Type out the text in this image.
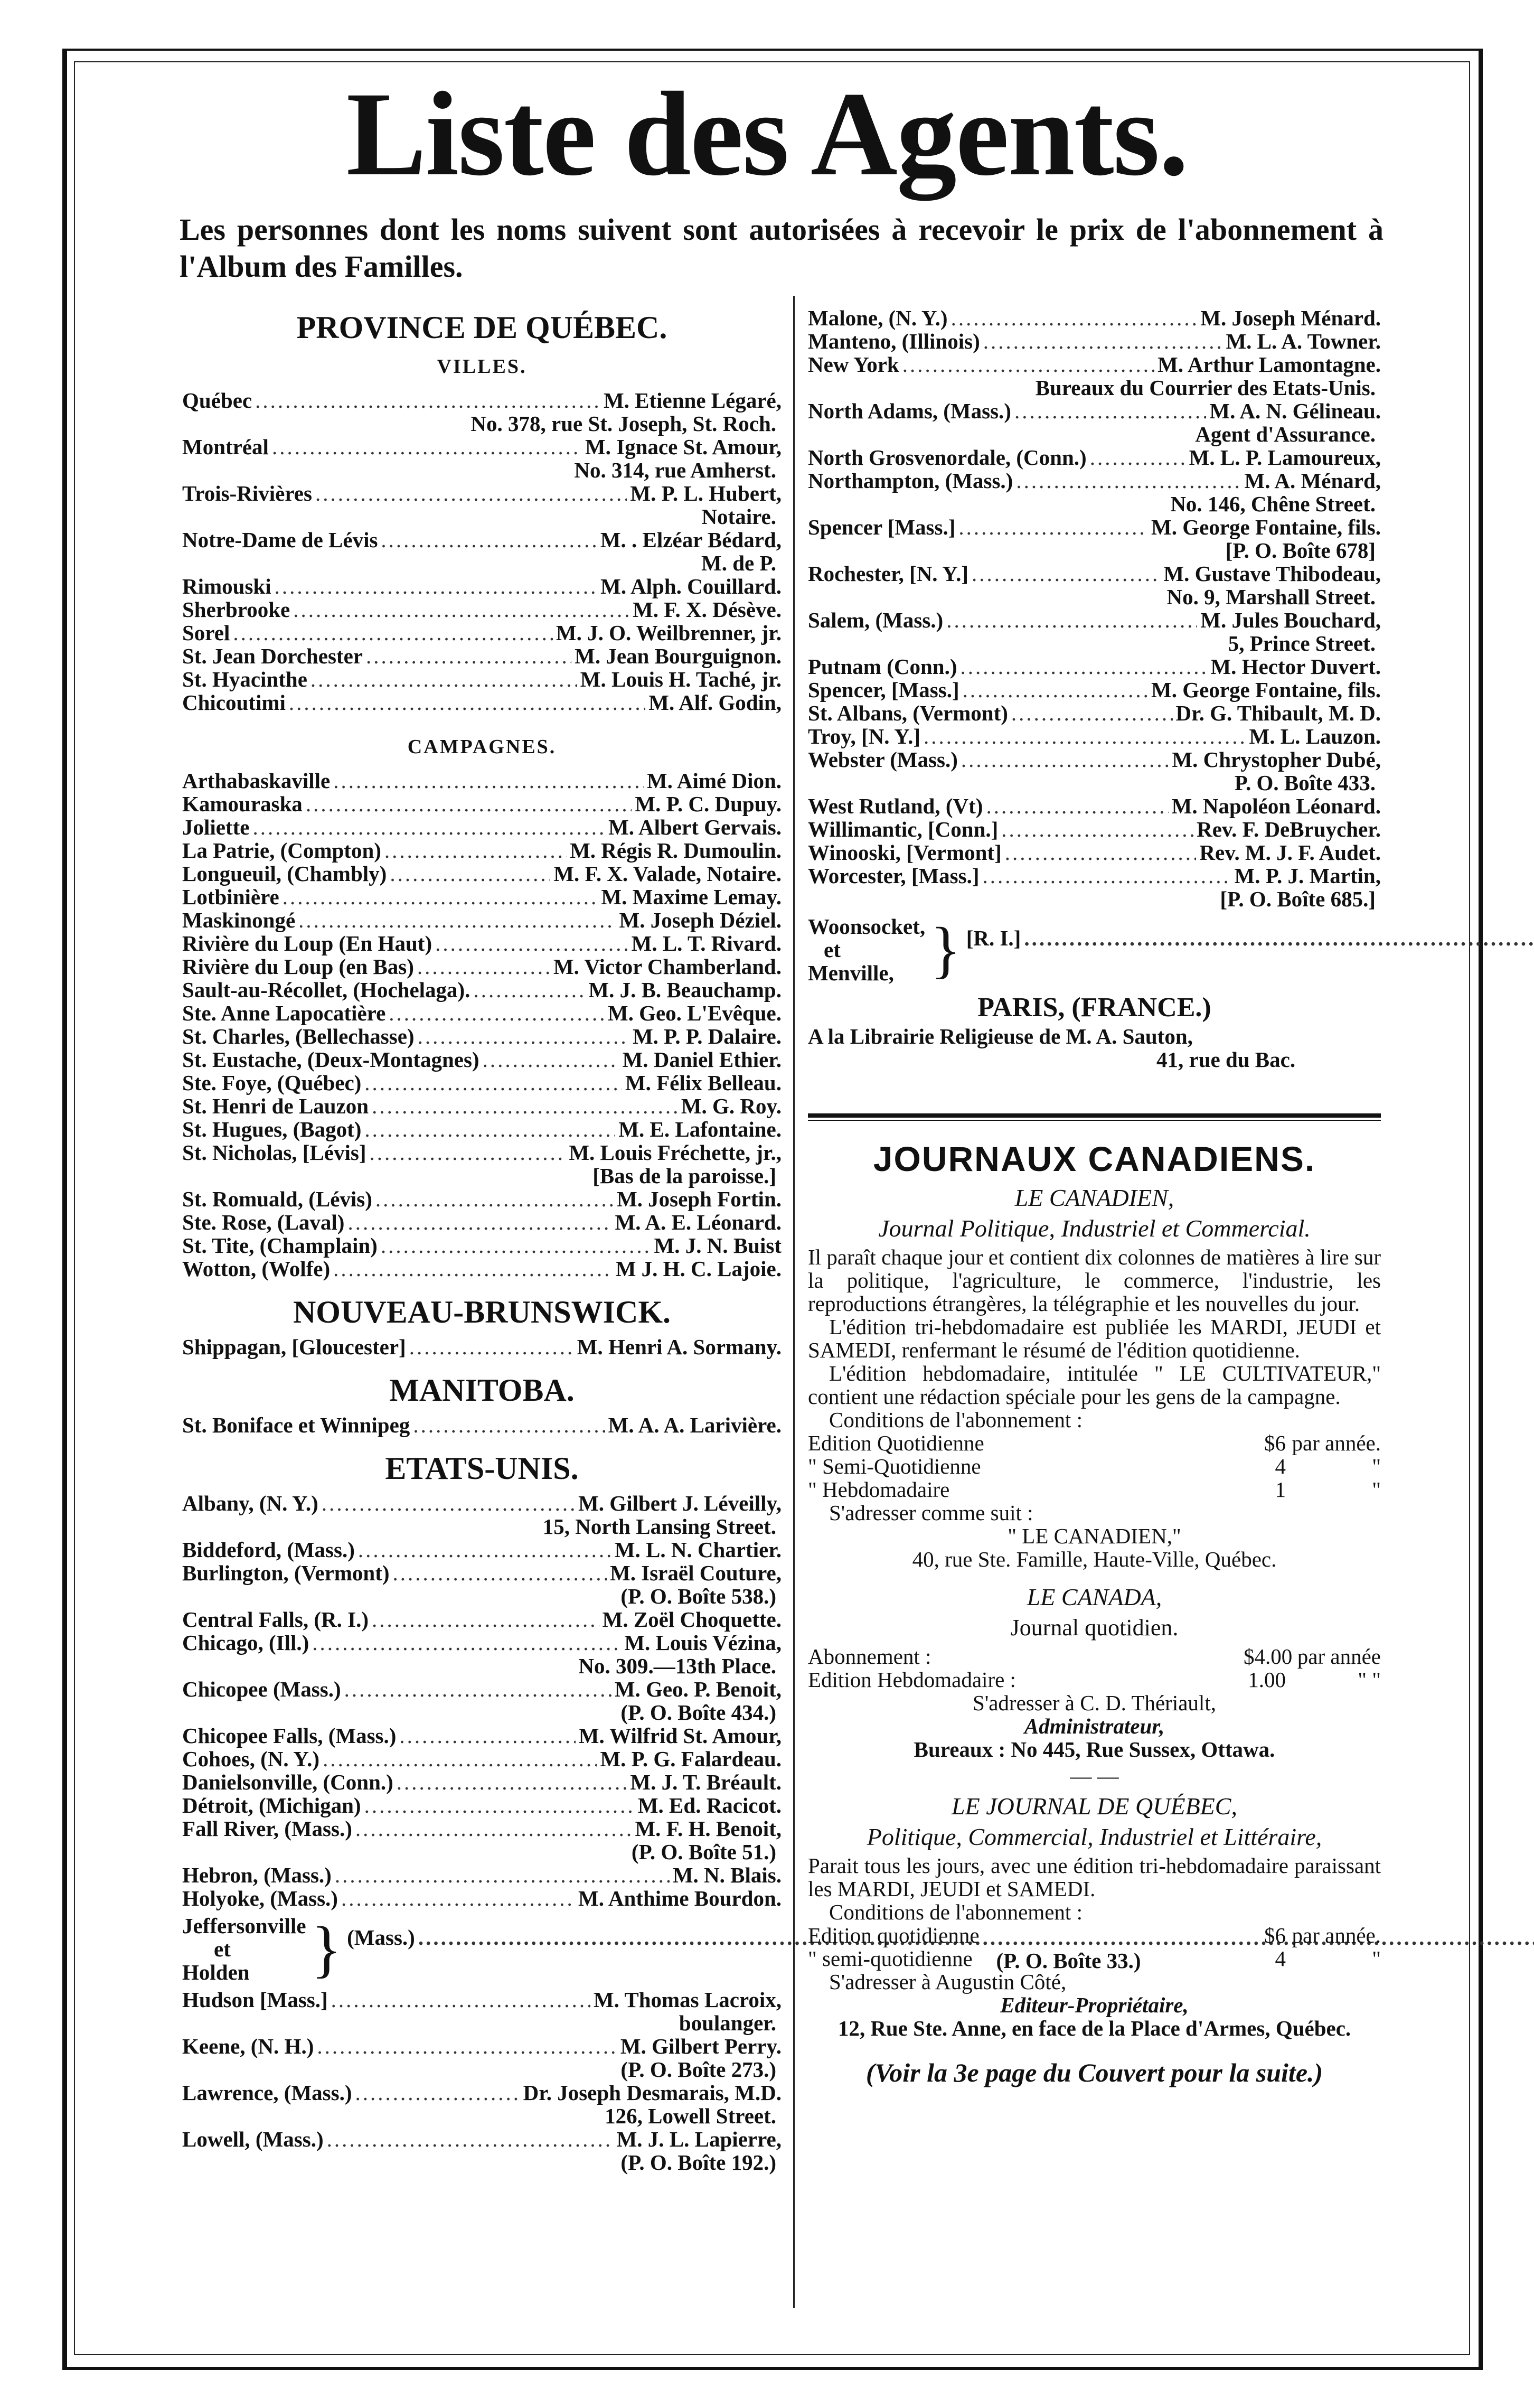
Liste des Agents.

Les personnes dont les noms suivent sont autorisées à recevoir le prix de l'abonnement à l'Album des Familles.

PROVINCE DE QUÉBEC.

VILLES.

Québec .....	M. Etienne Légaré,
No. 378, rue St. Joseph, St. Roch.
Montréal .....	M. Ignace St. Amour,
No. 314, rue Amherst.
Trois-Rivières .....	M. P. L. Hubert,
Notaire.
Notre-Dame de Lévis .....	M. . Elzéar Bédard,
M. de P.
Rimouski .....	M. Alph. Couillard.
Sherbrooke .....	M. F. X. Désève.
Sorel .....	M. J. O. Weilbrenner, jr.
St. Jean Dorchester .....	M. Jean Bourguignon.
St. Hyacinthe .....	M. Louis H. Taché, jr.
Chicoutimi .....	M. Alf. Godin,

CAMPAGNES.

Arthabaskaville .....	M. Aimé Dion.
Kamouraska .....	M. P. C. Dupuy.
Joliette .....	M. Albert Gervais.
La Patrie, (Compton) .....	M. Régis R. Dumoulin.
Longueuil, (Chambly) .....	M. F. X. Valade, Notaire.
Lotbinière .....	M. Maxime Lemay.
Maskinongé .....	M. Joseph Déziel.
Rivière du Loup (En Haut) .....	M. L. T. Rivard.
Rivière du Loup (en Bas) .....	M. Victor Chamberland.
Sault-au-Récollet, (Hochelaga). .....	M. J. B. Beauchamp.
Ste. Anne Lapocatière .....	M. Geo. L'Evêque.
St. Charles, (Bellechasse) .....	M. P. P. Dalaire.
St. Eustache, (Deux-Montagnes) .....	M. Daniel Ethier.
Ste. Foye, (Québec) .....	M. Félix Belleau.
St. Henri de Lauzon .....	M. G. Roy.
St. Hugues, (Bagot) .....	M. E. Lafontaine.
St. Nicholas, [Lévis] .....	M. Louis Fréchette, jr.,
[Bas de la paroisse.]
St. Romuald, (Lévis) .....	M. Joseph Fortin.
Ste. Rose, (Laval) .....	M. A. E. Léonard.
St. Tite, (Champlain) .....	M. J. N. Buist
Wotton, (Wolfe) .....	M J. H. C. Lajoie.

NOUVEAU-BRUNSWICK.

Shippagan, [Gloucester] .....	M. Henri A. Sormany.

MANITOBA.

St. Boniface et Winnipeg .....	M. A. A. Larivière.

ETATS-UNIS.

Albany, (N. Y.) .....	M. Gilbert J. Léveilly,
15, North Lansing Street.
Biddeford, (Mass.) .....	M. L. N. Chartier.
Burlington, (Vermont) .....	M. Israël Couture,
(P. O. Boîte 538.)
Central Falls, (R. I.) .....	M. Zoël Choquette.
Chicago, (Ill.) .....	M. Louis Vézina,
No. 309.—13th Place.
Chicopee (Mass.) .....	M. Geo. P. Benoit,
(P. O. Boîte 434.)
Chicopee Falls, (Mass.) .....	M. Wilfrid St. Amour,
Cohoes, (N. Y.) .....	M. P. G. Falardeau.
Danielsonville, (Conn.) .....	M. J. T. Bréault.
Détroit, (Michigan) .....	M. Ed. Racicot.
Fall River, (Mass.) .....	M. F. H. Benoit,
(P. O. Boîte 51.)
Hebron, (Mass.) .....	M. N. Blais.
Holyoke, (Mass.) .....	M. Anthime Bourdon.
Jeffersonville
et
Holden } (Mass.)
.....
(P. O. Boîte 33.)
Hudson [Mass.] .....	M. Thomas Lacroix,
boulanger.
Keene, (N. H.) .....	M. Gilbert Perry.
(P. O. Boîte 273.)
Lawrence, (Mass.) .....	Dr. Joseph Desmarais, M.D.
126, Lowell Street.
Lowell, (Mass.) .....	M. J. L. Lapierre,
(P. O. Boîte 192.)
Malone, (N. Y.) .....	M. Joseph Ménard.
Manteno, (Illinois) .....	M. L. A. Towner.
New York .....	M. Arthur Lamontagne.
Bureaux du Courrier des Etats-Unis.
North Adams, (Mass.) .....	M. A. N. Gélineau.
Agent d'Assurance.
North Grosvenordale, (Conn.) .....	M. L. P. Lamoureux,
Northampton, (Mass.) .....	M. A. Ménard,
No. 146, Chêne Street.
Spencer [Mass.] .....	M. George Fontaine, fils.
[P. O. Boîte 678]
Rochester, [N. Y.] .....	M. Gustave Thibodeau,
No. 9, Marshall Street.
Salem, (Mass.) .....	M. Jules Bouchard,
5, Prince Street.
Putnam (Conn.) .....	M. Hector Duvert.
Spencer, [Mass.] .....	M. George Fontaine, fils.
St. Albans, (Vermont) .....	Dr. G. Thibault, M. D.
Troy, [N. Y.] .....	M. L. Lauzon.
Webster (Mass.) .....	M. Chrystopher Dubé,
P. O. Boîte 433.
West Rutland, (Vt) .....	M. Napoléon Léonard.
Willimantic, [Conn.] .....	Rev. F. DeBruycher.
Winooski, [Vermont] .....	Rev. M. J. F. Audet.
Worcester, [Mass.] .....	M. P. J. Martin,
[P. O. Boîte 685.]
Woonsocket,
et
Menville, } [R. I.]
.....

PARIS, (FRANCE.)

A la Librairie Religieuse de M. A. Sauton,

41, rue du Bac.

JOURNAUX CANADIENS.

LE CANADIEN,

Journal Politique, Industriel et Commercial.

Il paraît chaque jour et contient dix colonnes de matières à lire sur la politique, l'agriculture, le commerce, l'industrie, les reproductions étrangères, la télégraphie et les nouvelles du jour.

L'édition tri-hebdomadaire est publiée les MARDI, JEUDI et SAMEDI, renfermant le résumé de l'édition quotidienne.

L'édition hebdomadaire, intitulée " LE CULTIVATEUR," contient une rédaction spéciale pour les gens de la campagne.

Conditions de l'abonnement :

Edition Quotidienne	$6 par année.
" Semi-Quotidienne	4	"
" Hebdomadaire	1	"

S'adresser comme suit :

" LE CANADIEN,"

40, rue Ste. Famille, Haute-Ville, Québec.

LE CANADA,

Journal quotidien.

Abonnement :	$4.00 par année
Edition Hebdomadaire :	1.00	" "

S'adresser à C. D. Thériault,

Administrateur,

Bureaux : No 445, Rue Sussex, Ottawa.

— —

LE JOURNAL DE QUÉBEC,

Politique, Commercial, Industriel et Littéraire,

Parait tous les jours, avec une édition tri-hebdomadaire paraissant les MARDI, JEUDI et SAMEDI.

Conditions de l'abonnement :

Edition quotidienne	$6 par année.
" semi-quotidienne	4	"

S'adresser à Augustin Côté,

Editeur-Propriétaire,

12, Rue Ste. Anne, en face de la Place d'Armes, Québec.

(Voir la 3e page du Couvert pour la suite.)
